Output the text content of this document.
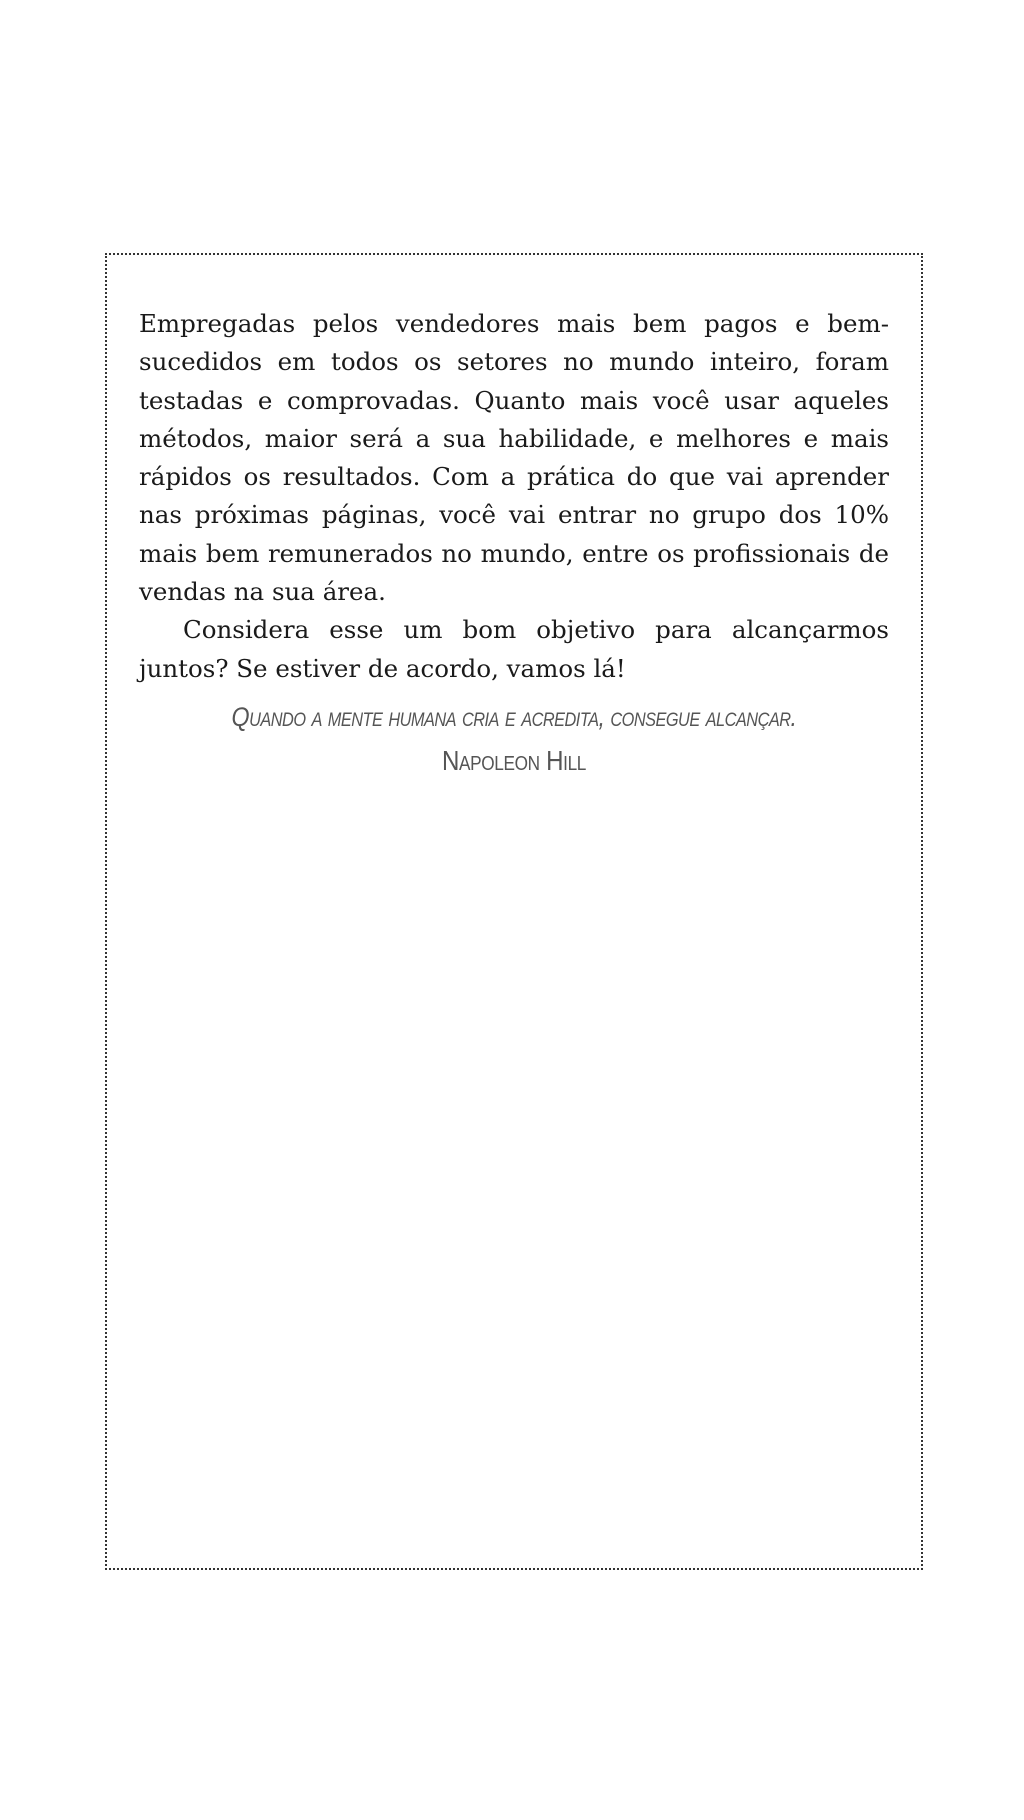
Empregadas pelos vendedores mais bem pagos e bem-sucedidos em todos os setores no mundo inteiro, foram testadas e comprovadas. Quanto mais você usar aqueles métodos, maior será a sua habilidade, e melhores e mais rápidos os resultados. Com a prática do que vai aprender nas próximas páginas, você vai entrar no grupo dos 10% mais bem remunerados no mundo, entre os profissionais de vendas na sua área.

Considera esse um bom objetivo para alcançarmos juntos? Se estiver de acordo, vamos lá!

Quando a mente humana cria e acredita, consegue alcançar.
Napoleon Hill
